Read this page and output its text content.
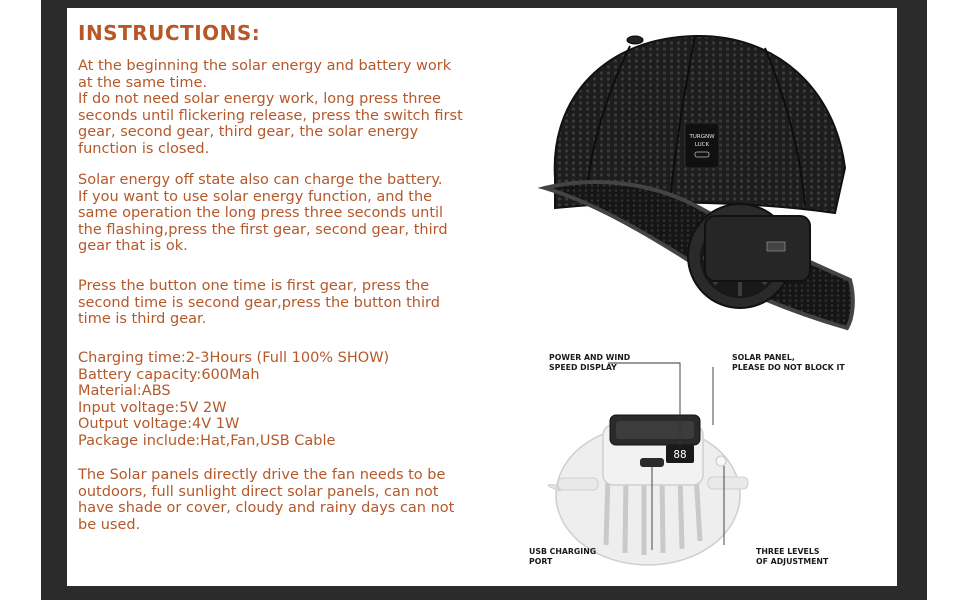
INSTRUCTIONS:

At the beginning the solar energy and battery work
at the same time.
If do not need solar energy work, long press three
seconds until flickering release, press the switch first
gear, second gear, third gear, the solar energy
function is closed.

Solar energy off state also can charge the battery.
If you want to use solar energy function, and the
same operation the long press three seconds until
the flashing,press the first gear, second gear, third
gear that is ok.

Press the button one time is first gear, press the
second time is second gear,press the button third
time is third gear.

Charging time:2-3Hours (Full 100% SHOW)
Battery capacity:600Mah
Material:ABS
Input voltage:5V 2W
Output voltage:4V 1W
Package include:Hat,Fan,USB Cable

The Solar panels directly drive the fan needs to be
outdoors, full sunlight direct solar panels, can not
have shade or cover, cloudy and rainy days can not
be used.

TURGNW
LUCK
88

POWER AND WIND
SPEED DISPLAY

SOLAR PANEL,
PLEASE DO NOT BLOCK IT

USB CHARGING
PORT

THREE LEVELS
OF ADJUSTMENT
